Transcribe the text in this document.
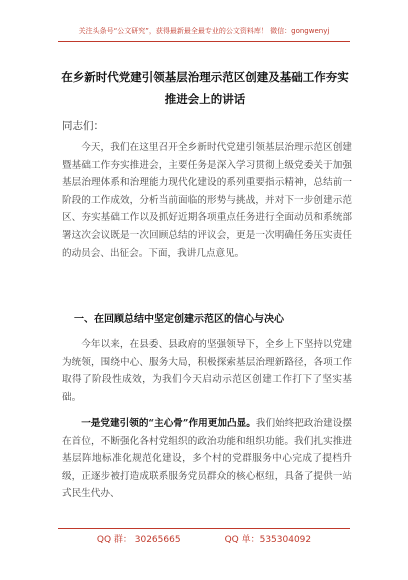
关注头条号“公文研究”，获得最新最全最专业的公文资料库！ 微信：gongwenyj
在乡新时代党建引领基层治理示范区创建及基础工作夯实
推进会上的讲话
同志们：

今天，我们在这里召开全乡新时代党建引领基层治理示范区创建暨基础工作夯实推进会，主要任务是深入学习贯彻上级党委关于加强基层治理体系和治理能力现代化建设的系列重要指示精神，总结前一阶段的工作成效，分析当前面临的形势与挑战，并对下一步创建示范区、夯实基础工作以及抓好近期各项重点任务进行全面动员和系统部署这次会议既是一次回顾总结的评议会，更是一次明确任务压实责任的动员会、出征会。下面，我讲几点意见。

一、在回顾总结中坚定创建示范区的信心与决心

今年以来，在县委、县政府的坚强领导下，全乡上下坚持以党建为统领，围绕中心、服务大局，积极探索基层治理新路径，各项工作取得了阶段性成效，为我们今天启动示范区创建工作打下了坚实基础。

一是党建引领的“主心骨”作用更加凸显。我们始终把政治建设摆在首位，不断强化各村党组织的政治功能和组织功能。我们扎实推进基层阵地标准化规范化建设，多个村的党群服务中心完成了提档升级，正逐步被打造成联系服务党员群众的核心枢纽，具备了提供一站式民生代办、

QQ 群： 30265665	QQ 单：535304092
